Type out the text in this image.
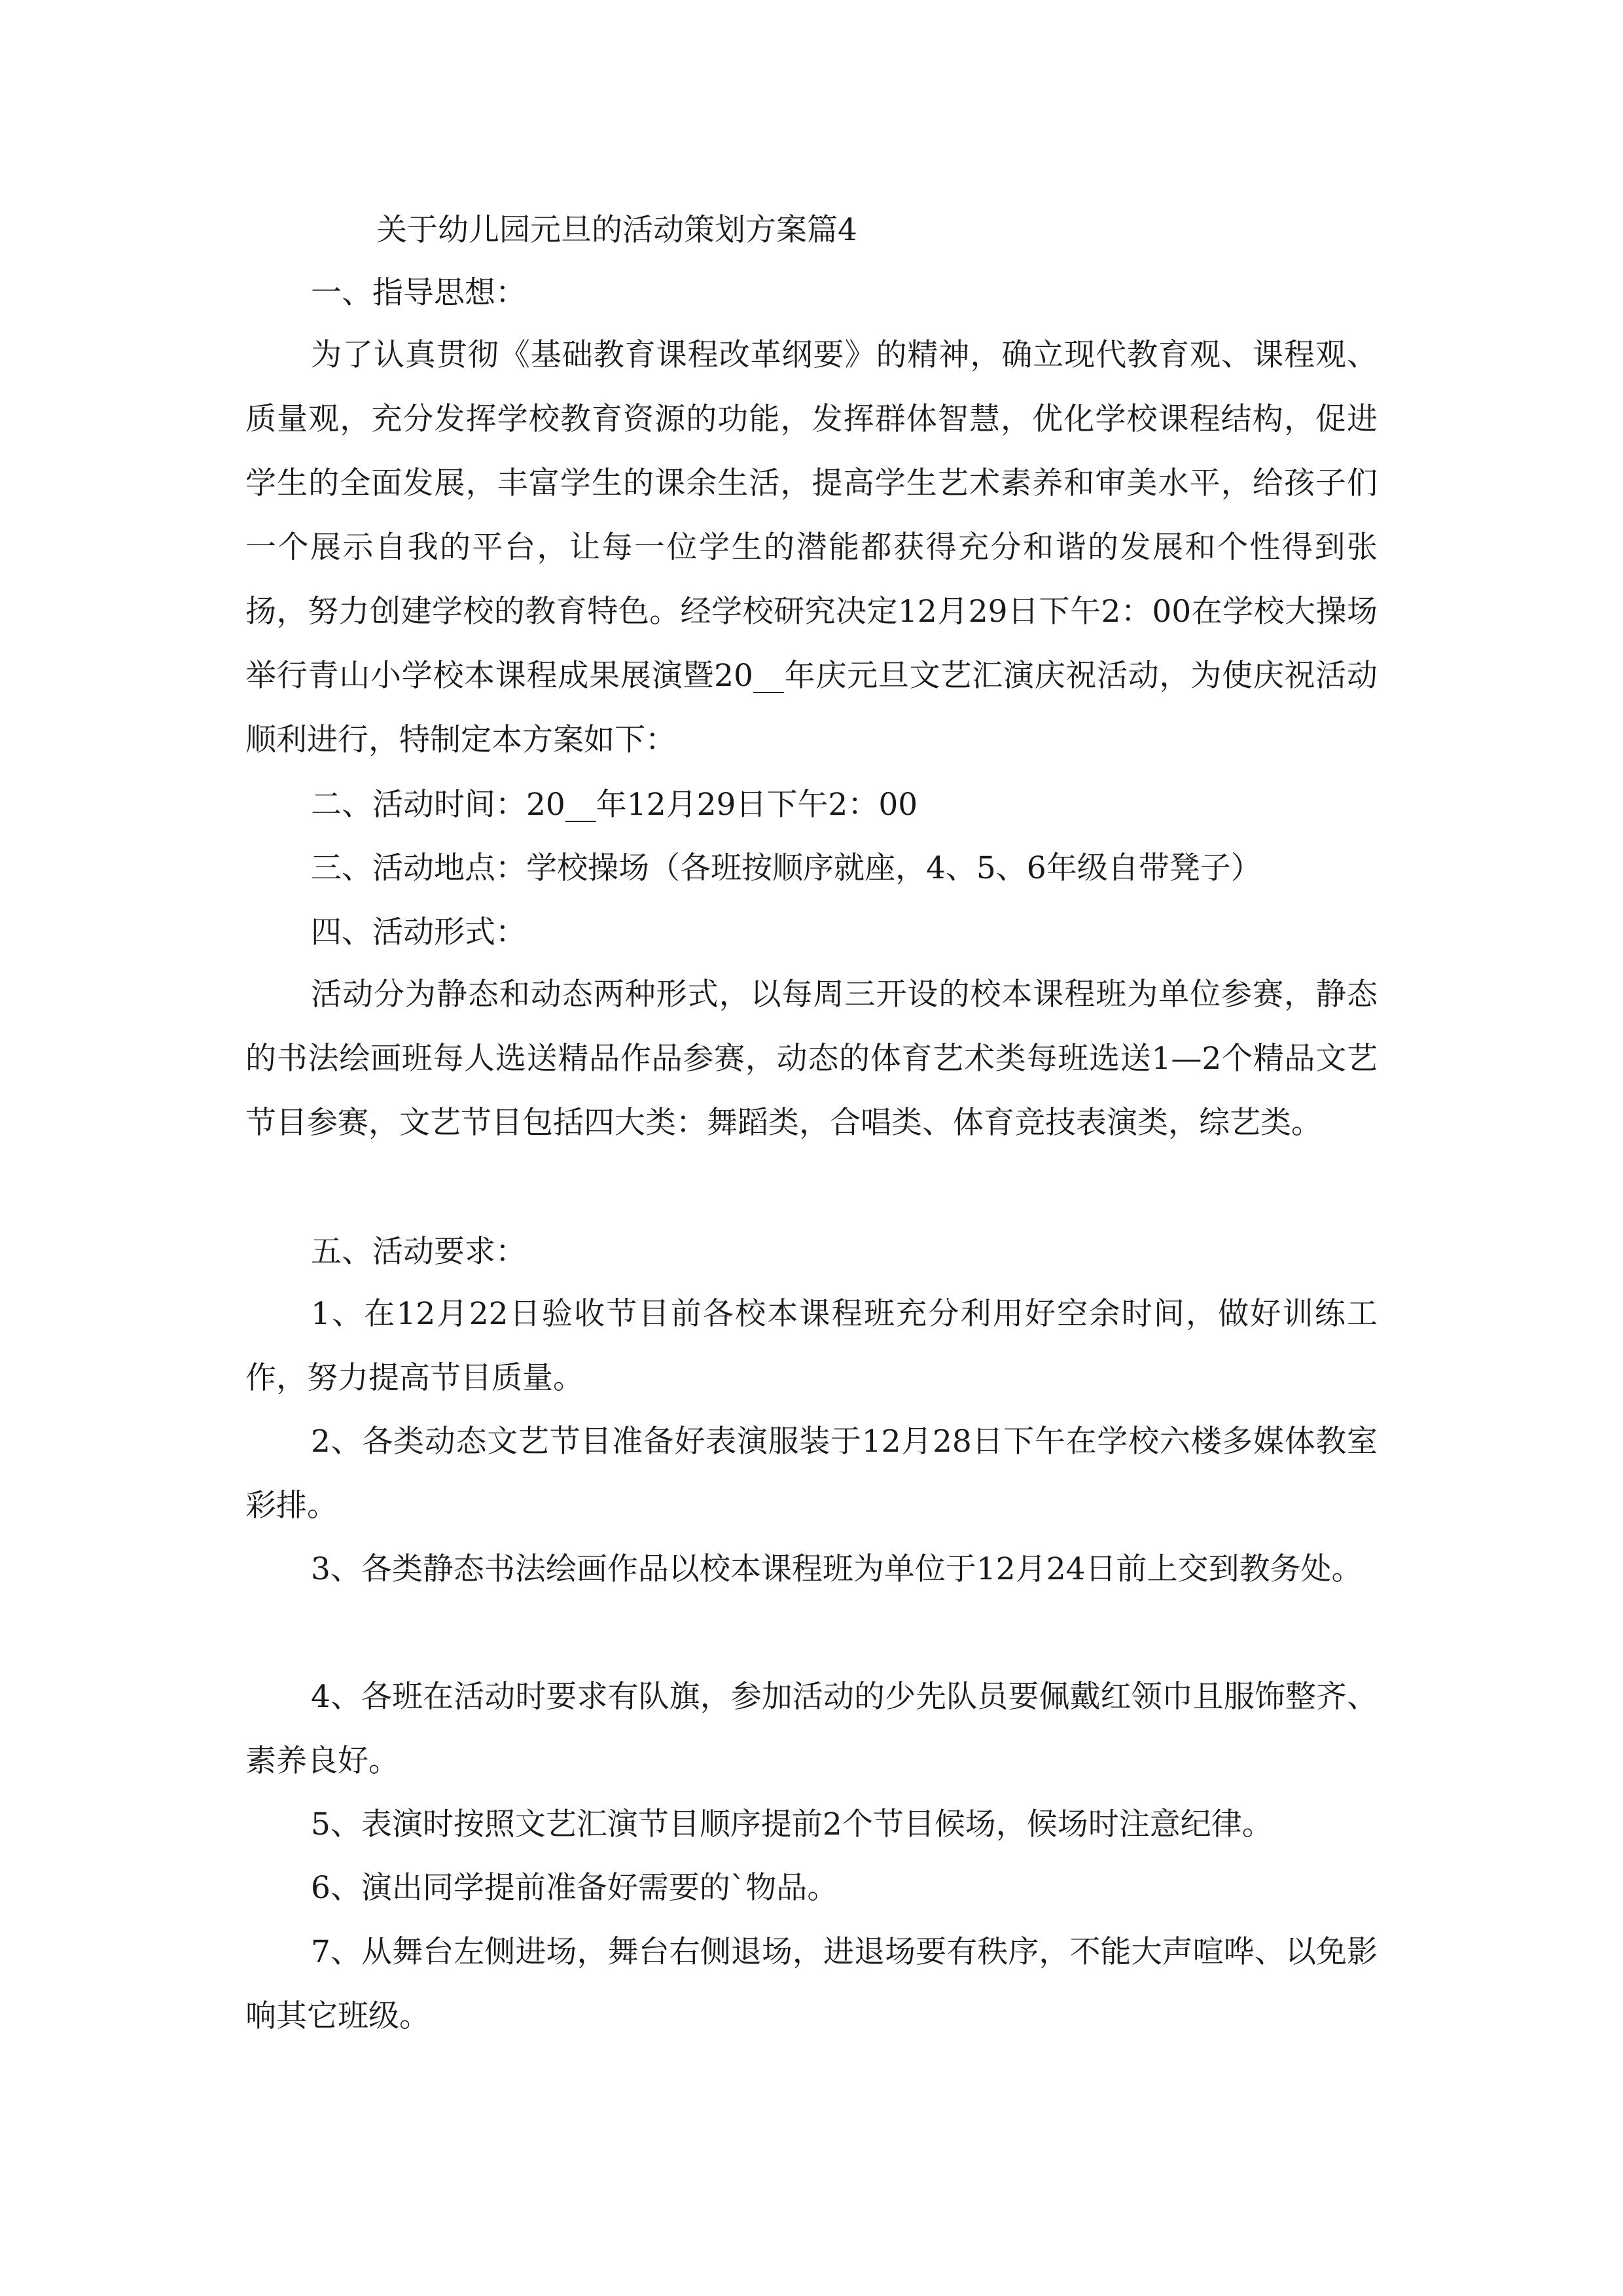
关于幼儿园元旦的活动策划方案篇4

一、指导思想：

为了认真贯彻《基础教育课程改革纲要》的精神，确立现代教育观、课程观、质量观，充分发挥学校教育资源的功能，发挥群体智慧，优化学校课程结构，促进学生的全面发展，丰富学生的课余生活，提高学生艺术素养和审美水平，给孩子们一个展示自我的平台，让每一位学生的潜能都获得充分和谐的发展和个性得到张扬，努力创建学校的教育特色。经学校研究决定12月29日下午2：00在学校大操场举行青山小学校本课程成果展演暨20__年庆元旦文艺汇演庆祝活动，为使庆祝活动顺利进行，特制定本方案如下：

二、活动时间：20__年12月29日下午2：00

三、活动地点：学校操场（各班按顺序就座，4、5、6年级自带凳子）

四、活动形式：

活动分为静态和动态两种形式，以每周三开设的校本课程班为单位参赛，静态的书法绘画班每人选送精品作品参赛，动态的体育艺术类每班选送1—2个精品文艺节目参赛，文艺节目包括四大类：舞蹈类，合唱类、体育竞技表演类，综艺类。

五、活动要求：

1、在12月22日验收节目前各校本课程班充分利用好空余时间，做好训练工作，努力提高节目质量。

2、各类动态文艺节目准备好表演服装于12月28日下午在学校六楼多媒体教室彩排。

3、各类静态书法绘画作品以校本课程班为单位于12月24日前上交到教务处。

4、各班在活动时要求有队旗，参加活动的少先队员要佩戴红领巾且服饰整齐、素养良好。

5、表演时按照文艺汇演节目顺序提前2个节目候场，候场时注意纪律。

6、演出同学提前准备好需要的`物品。

7、从舞台左侧进场，舞台右侧退场，进退场要有秩序，不能大声喧哗、以免影响其它班级。
